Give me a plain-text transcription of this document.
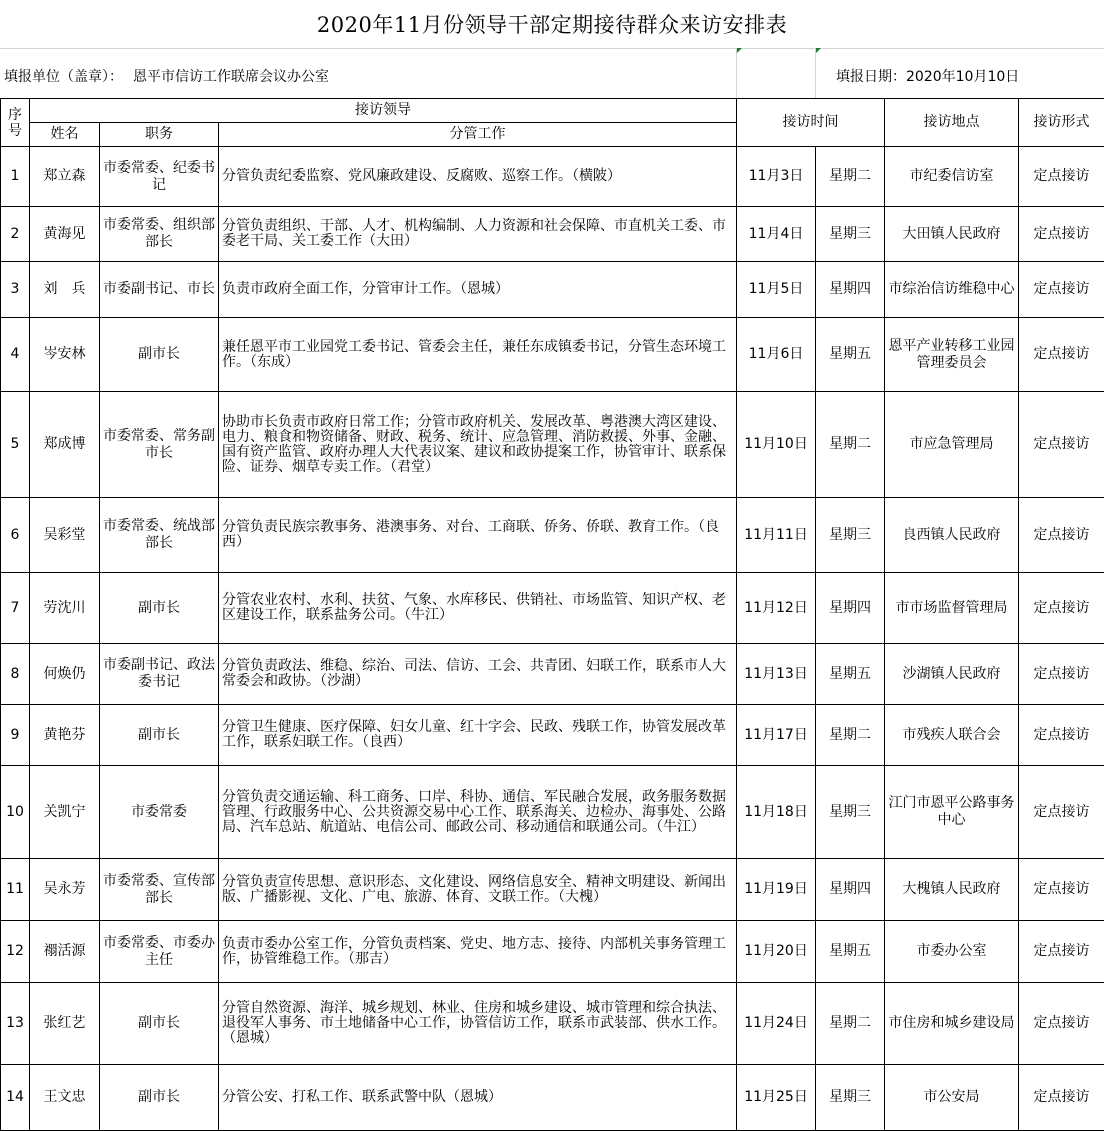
2020年11月份领导干部定期接待群众来访安排表
填报单位（盖章）： 恩平市信访工作联席会议办公室	填报日期： 2020年10月10日
序号	接访领导			接访时间		接访地点	接访形式
	姓名	职务	分管工作				
1	郑立森	市委常委、纪委书记	分管负责纪委监察、党风廉政建设、反腐败、巡察工作。（横陂）	11月3日	星期二	市纪委信访室	定点接访
2	黄海见	市委常委、组织部部长	分管负责组织、干部、人才、机构编制、人力资源和社会保障、市直机关工委、市委老干局、关工委工作（大田）	11月4日	星期三	大田镇人民政府	定点接访
3	刘　兵	市委副书记、市长	负责市政府全面工作，分管审计工作。（恩城）	11月5日	星期四	市综治信访维稳中心	定点接访
4	岑安林	副市长	兼任恩平市工业园党工委书记、管委会主任，兼任东成镇委书记，分管生态环境工作。（东成）	11月6日	星期五	恩平产业转移工业园管理委员会	定点接访
5	郑成博	市委常委、常务副市长	协助市长负责市政府日常工作；分管市政府机关、发展改革、粤港澳大湾区建设、电力、粮食和物资储备、财政、税务、统计、应急管理、消防救援、外事、金融、国有资产监管、政府办理人大代表议案、建议和政协提案工作，协管审计、联系保险、证券、烟草专卖工作。（君堂）	11月10日	星期二	市应急管理局	定点接访
6	吴彩堂	市委常委、统战部部长	分管负责民族宗教事务、港澳事务、对台、工商联、侨务、侨联、教育工作。（良西）	11月11日	星期三	良西镇人民政府	定点接访
7	劳沈川	副市长	分管农业农村、水利、扶贫、气象、水库移民、供销社、市场监管、知识产权、老区建设工作，联系盐务公司。（牛江）	11月12日	星期四	市市场监督管理局	定点接访
8	何焕仍	市委副书记、政法委书记	分管负责政法、维稳、综治、司法、信访、工会、共青团、妇联工作，联系市人大常委会和政协。（沙湖）	11月13日	星期五	沙湖镇人民政府	定点接访
9	黄艳芬	副市长	分管卫生健康、医疗保障、妇女儿童、红十字会、民政、残联工作，协管发展改革工作，联系妇联工作。（良西）	11月17日	星期二	市残疾人联合会	定点接访
10	关凯宁	市委常委	分管负责交通运输、科工商务、口岸、科协、通信、军民融合发展，政务服务数据管理、行政服务中心、公共资源交易中心工作、联系海关、边检办、海事处、公路局、汽车总站、航道站、电信公司、邮政公司、移动通信和联通公司。（牛江）	11月18日	星期三	江门市恩平公路事务中心	定点接访
11	吴永芳	市委常委、宣传部部长	分管负责宣传思想、意识形态、文化建设、网络信息安全、精神文明建设、新闻出版、广播影视、文化、广电、旅游、体育、文联工作。（大槐）	11月19日	星期四	大槐镇人民政府	定点接访
12	禤活源	市委常委、市委办主任	负责市委办公室工作，分管负责档案、党史、地方志、接待、内部机关事务管理工作，协管维稳工作。（那吉）	11月20日	星期五	市委办公室	定点接访
13	张红艺	副市长	分管自然资源、海洋、城乡规划、林业、住房和城乡建设、城市管理和综合执法、退役军人事务、市土地储备中心工作，协管信访工作，联系市武装部、供水工作。（恩城）	11月24日	星期二	市住房和城乡建设局	定点接访
14	王文忠	副市长	分管公安、打私工作、联系武警中队（恩城）	11月25日	星期三	市公安局	定点接访
